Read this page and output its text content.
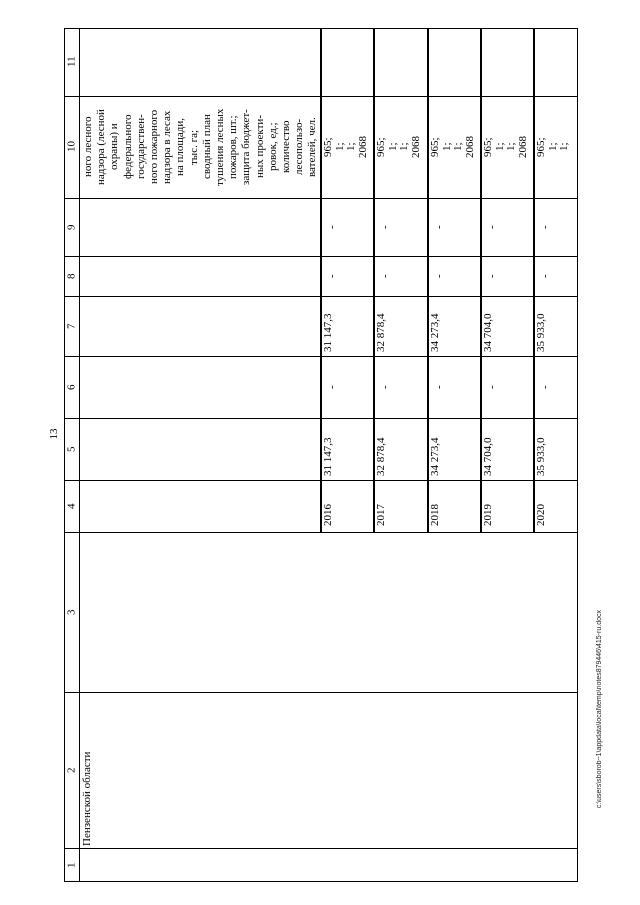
13
1
2
3
4
5
6
7
8
9
10
11
Пензенской области
ного лесного надзора (лесной охраны) и федерального государствен- ного пожарного надзора в лесах на площади, тыс. га; сводный план тушения лесных пожаров, шт.; защита бюджет- ных проекти- ровок, ед.; количество лесопользо- вателей, чел.
2016
31 147,3
-
31 147,3
-
-
965; 1; 1; 2068
2017
32 878,4
-
32 878,4
-
-
965; 1; 1; 2068
2018
34 273,4
-
34 273,4
-
-
965; 1; 1; 2068
2019
34 704,0
-
34 704,0
-
-
965; 1; 1; 2068
2020
35 933,0
-
35 933,0
-
-
965; 1; 1;
c:\users\sborob~1\appdata\local\temp\notes879446\415-ru.docx
